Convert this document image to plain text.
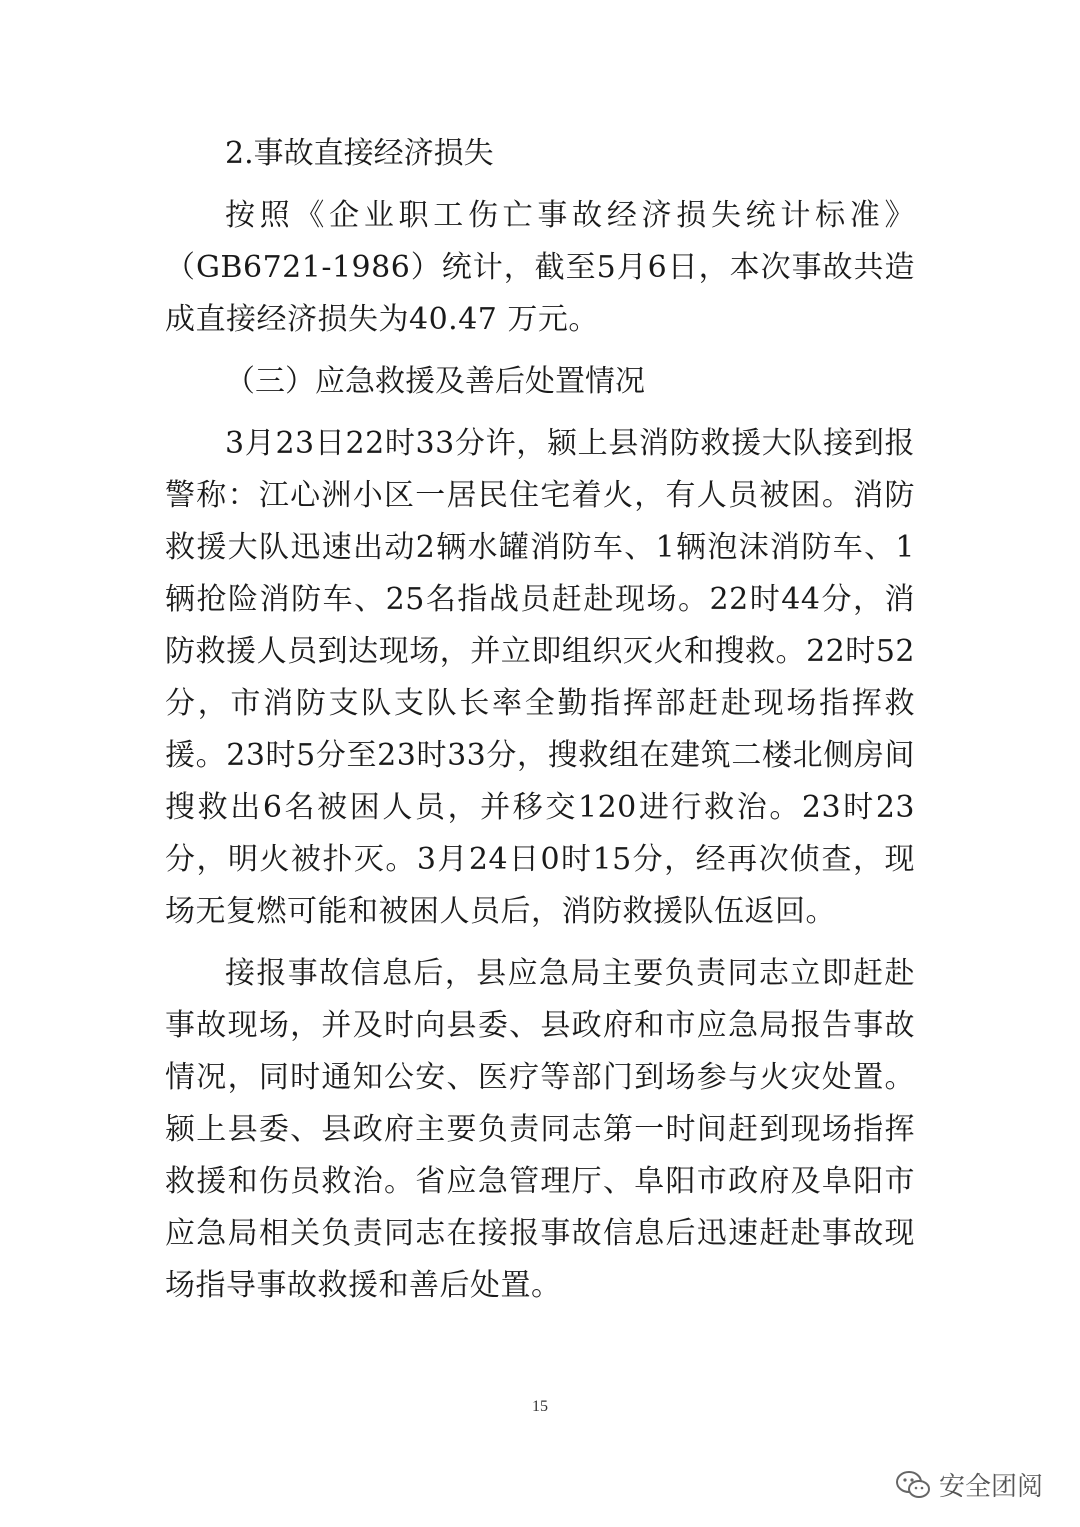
2.事故直接经济损失

按照《企业职工伤亡事故经济损失统计标准》（GB6721-1986）统计，截至5月6日，本次事故共造成直接经济损失为40.47 万元。

（三）应急救援及善后处置情况

3月23日22时33分许，颍上县消防救援大队接到报警称：江心洲小区一居民住宅着火，有人员被困。消防救援大队迅速出动2辆水罐消防车、1辆泡沫消防车、1辆抢险消防车、25名指战员赶赴现场。22时44分，消防救援人员到达现场，并立即组织灭火和搜救。22时52分，市消防支队支队长率全勤指挥部赶赴现场指挥救援。23时5分至23时33分，搜救组在建筑二楼北侧房间搜救出6名被困人员，并移交120进行救治。23时23分，明火被扑灭。3月24日0时15分，经再次侦查，现场无复燃可能和被困人员后，消防救援队伍返回。

接报事故信息后，县应急局主要负责同志立即赶赴事故现场，并及时向县委、县政府和市应急局报告事故情况，同时通知公安、医疗等部门到场参与火灾处置。颍上县委、县政府主要负责同志第一时间赶到现场指挥救援和伤员救治。省应急管理厅、阜阳市政府及阜阳市应急局相关负责同志在接报事故信息后迅速赶赴事故现场指导事故救援和善后处置。

15
安全团阅
